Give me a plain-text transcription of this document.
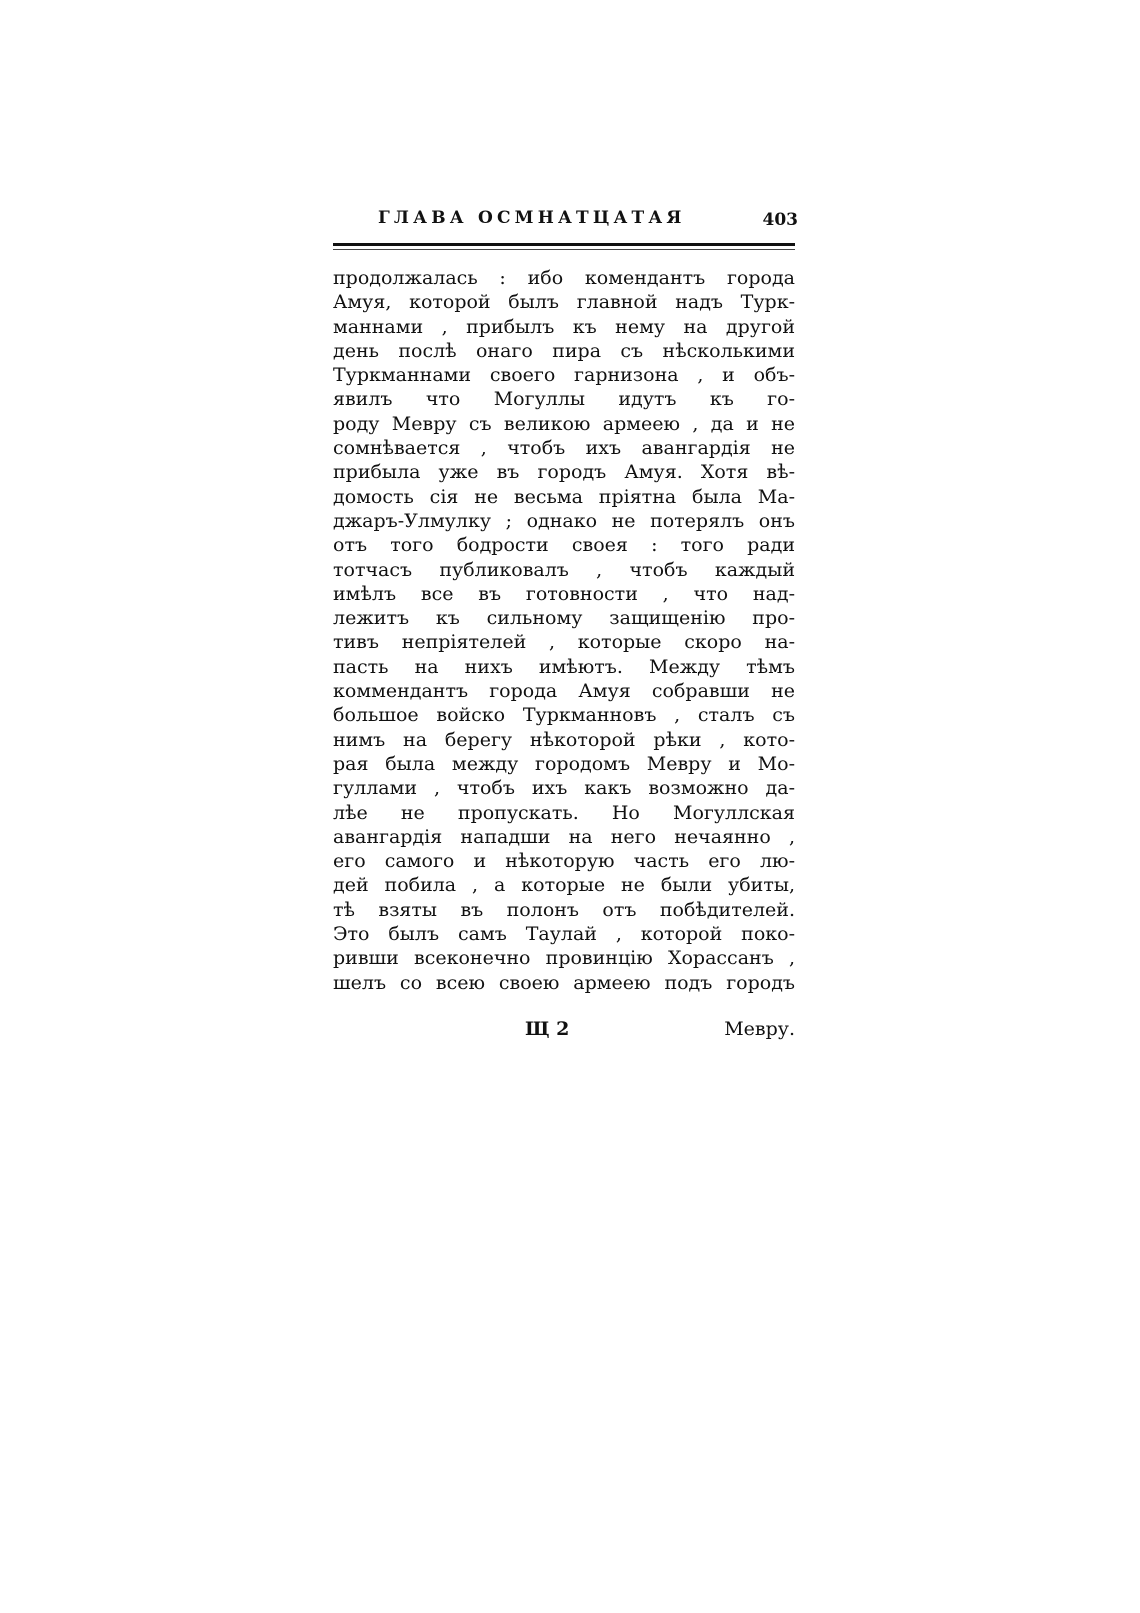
ГЛАВА ОСМНАТЦАТАЯ	403
продолжалась : ибо комендантъ города
Амуя, которой былъ главной надъ Турк-
маннами , прибылъ къ нему на другой
день послѣ онаго пира съ нѣсколькими
Туркманнами своего гарнизона , и объ-
явилъ что Могуллы идутъ къ го-
роду Мевру съ великою армеею , да и не
сомнѣвается , чтобъ ихъ авангардія не
прибыла уже въ городъ Амуя. Хотя вѣ-
домость сія не весьма пріятна была Ма-
джаръ-Улмулку ; однако не потерялъ онъ
отъ того бодрости своея : того ради
тотчасъ публиковалъ , чтобъ каждый
имѣлъ все въ готовности , что над-
лежитъ къ сильному защищенію про-
тивъ непріятелей , которые скоро на-
пасть на нихъ имѣютъ. Между тѣмъ
коммендантъ города Амуя собравши не
большое войско Туркманновъ , сталъ съ
нимъ на берегу нѣкоторой рѣки , кото-
рая была между городомъ Мевру и Мо-
гуллами , чтобъ ихъ какъ возможно да-
лѣе не пропускать. Но Могуллская
авангардія нападши на него нечаянно ,
его самого и нѣкоторую часть его лю-
дей побила , а которые не были убиты,
тѣ взяты въ полонъ отъ побѣдителей.
Это былъ самъ Таулай , которой поко-
ривши всеконечно провинцію Хорассанъ ,
шелъ со всею своею армеею подъ городъ
Щ 2	Мевру.
